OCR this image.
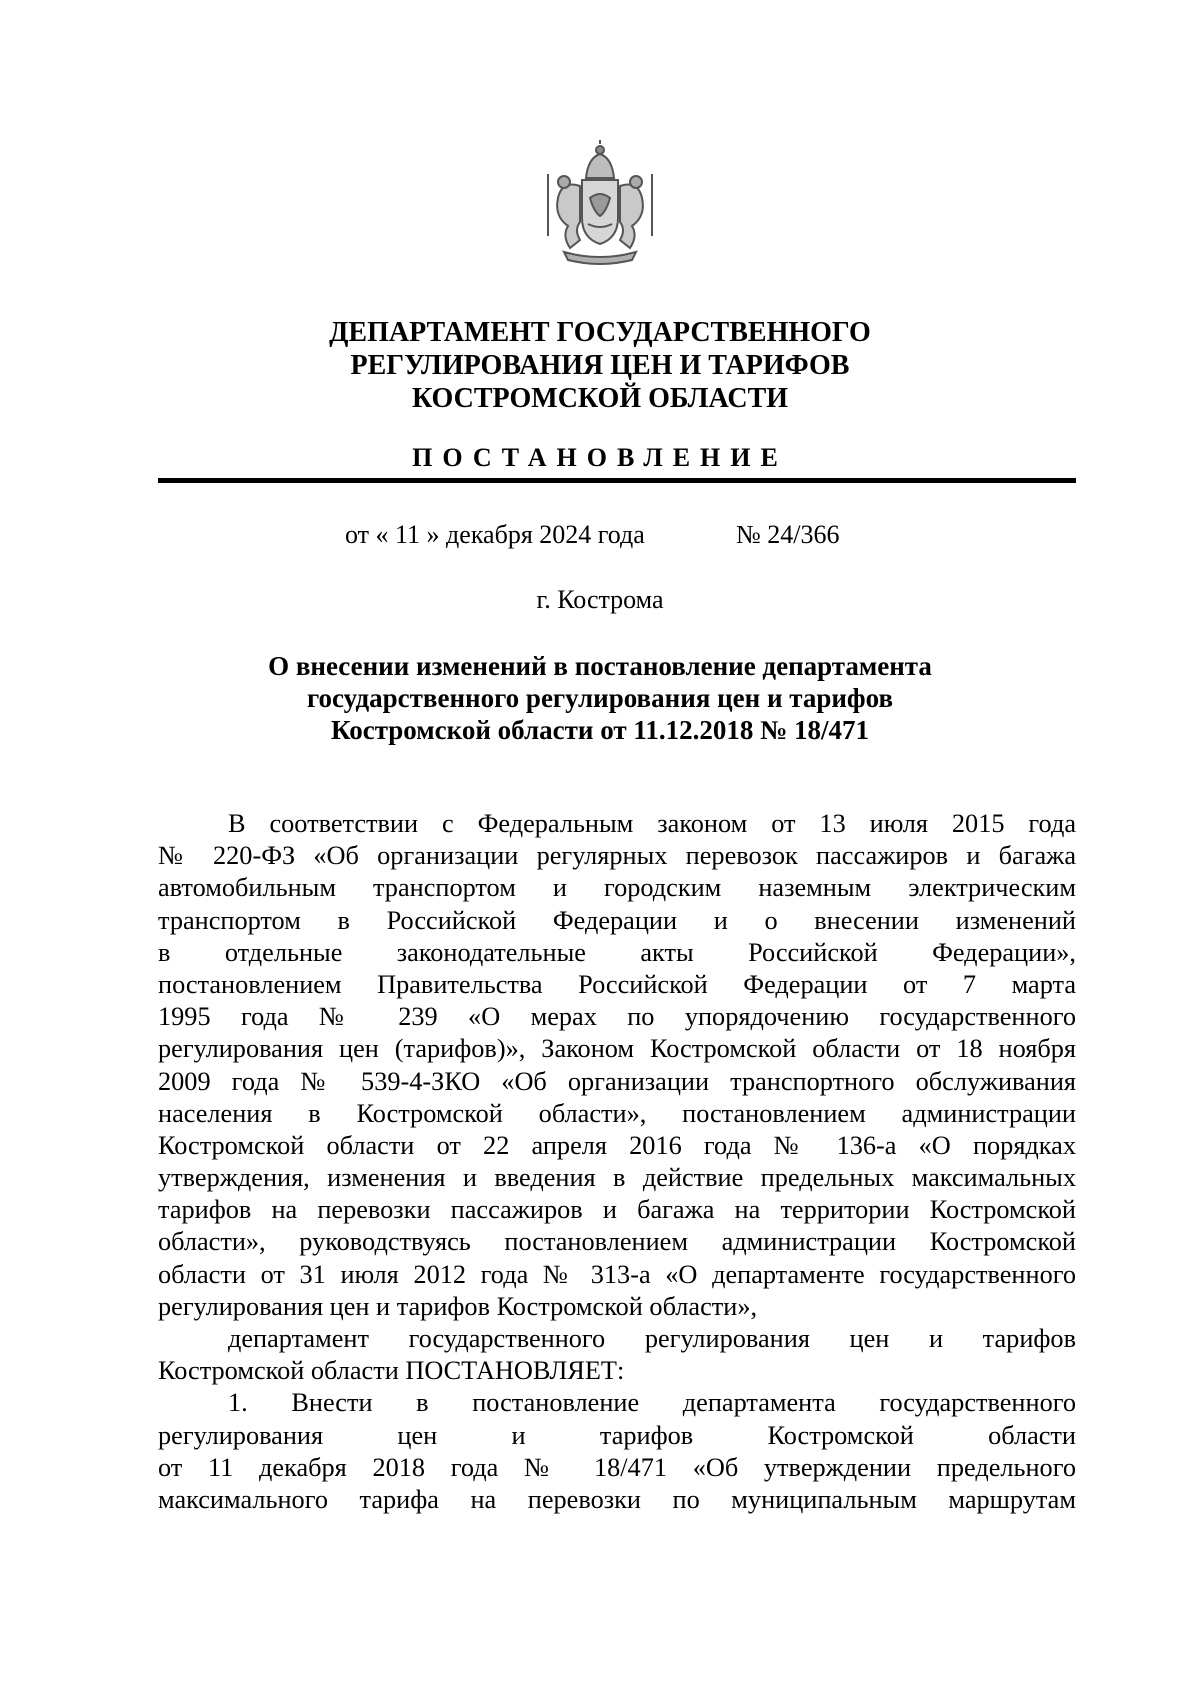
ДЕПАРТАМЕНТ ГОСУДАРСТВЕННОГО
РЕГУЛИРОВАНИЯ ЦЕН И ТАРИФОВ
КОСТРОМСКОЙ ОБЛАСТИ
ПОСТАНОВЛЕНИЕ
от « 11 » декабря 2024 года	№ 24/366
г. Кострома
О внесении изменений в постановление департамента
государственного регулирования цен и тарифов
Костромской области от 11.12.2018 № 18/471
В соответствии с Федеральным законом от 13 июля 2015 года
№ 220-ФЗ «Об организации регулярных перевозок пассажиров и багажа
автомобильным транспортом и городским наземным электрическим
транспортом в Российской Федерации и о внесении изменений
в отдельные законодательные акты Российской Федерации»,
постановлением Правительства Российской Федерации от 7 марта
1995 года № 239 «О мерах по упорядочению государственного
регулирования цен (тарифов)», Законом Костромской области от 18 ноября
2009 года № 539-4-ЗКО «Об организации транспортного обслуживания
населения в Костромской области», постановлением администрации
Костромской области от 22 апреля 2016 года № 136-а «О порядках
утверждения, изменения и введения в действие предельных максимальных
тарифов на перевозки пассажиров и багажа на территории Костромской
области», руководствуясь постановлением администрации Костромской
области от 31 июля 2012 года № 313-а «О департаменте государственного
регулирования цен и тарифов Костромской области»,
департамент государственного регулирования цен и тарифов
Костромской области ПОСТАНОВЛЯЕТ:
1. Внести в постановление департамента государственного
регулирования цен и тарифов Костромской области
от 11 декабря 2018 года № 18/471 «Об утверждении предельного
максимального тарифа на перевозки по муниципальным маршрутам
